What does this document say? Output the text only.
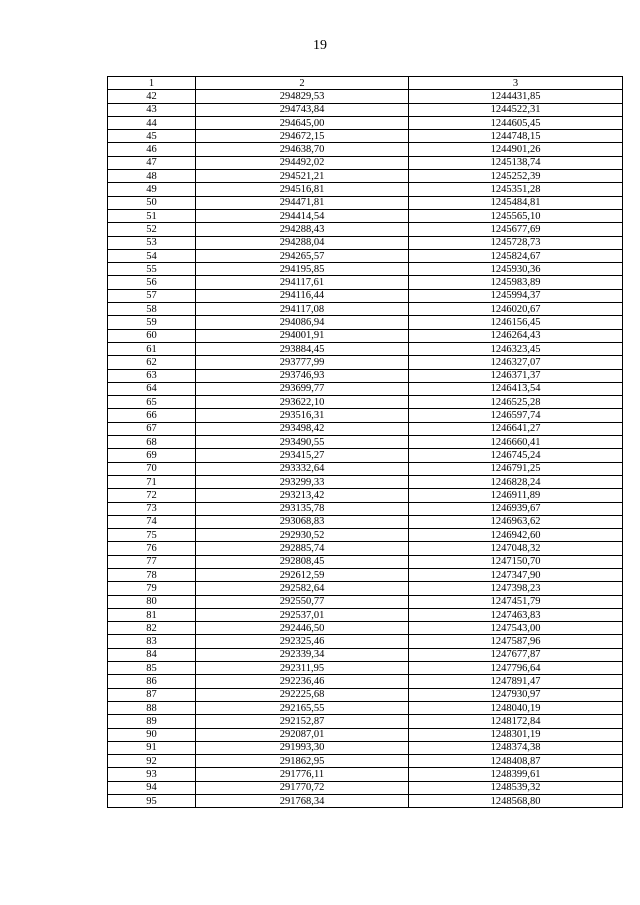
19
1	2	3
42	294829,53	1244431,85
43	294743,84	1244522,31
44	294645,00	1244605,45
45	294672,15	1244748,15
46	294638,70	1244901,26
47	294492,02	1245138,74
48	294521,21	1245252,39
49	294516,81	1245351,28
50	294471,81	1245484,81
51	294414,54	1245565,10
52	294288,43	1245677,69
53	294288,04	1245728,73
54	294265,57	1245824,67
55	294195,85	1245930,36
56	294117,61	1245983,89
57	294116,44	1245994,37
58	294117,08	1246020,67
59	294086,94	1246156,45
60	294001,91	1246264,43
61	293884,45	1246323,45
62	293777,99	1246327,07
63	293746,93	1246371,37
64	293699,77	1246413,54
65	293622,10	1246525,28
66	293516,31	1246597,74
67	293498,42	1246641,27
68	293490,55	1246660,41
69	293415,27	1246745,24
70	293332,64	1246791,25
71	293299,33	1246828,24
72	293213,42	1246911,89
73	293135,78	1246939,67
74	293068,83	1246963,62
75	292930,52	1246942,60
76	292885,74	1247048,32
77	292808,45	1247150,70
78	292612,59	1247347,90
79	292582,64	1247398,23
80	292550,77	1247451,79
81	292537,01	1247463,83
82	292446,50	1247543,00
83	292325,46	1247587,96
84	292339,34	1247677,87
85	292311,95	1247796,64
86	292236,46	1247891,47
87	292225,68	1247930,97
88	292165,55	1248040,19
89	292152,87	1248172,84
90	292087,01	1248301,19
91	291993,30	1248374,38
92	291862,95	1248408,87
93	291776,11	1248399,61
94	291770,72	1248539,32
95	291768,34	1248568,80
